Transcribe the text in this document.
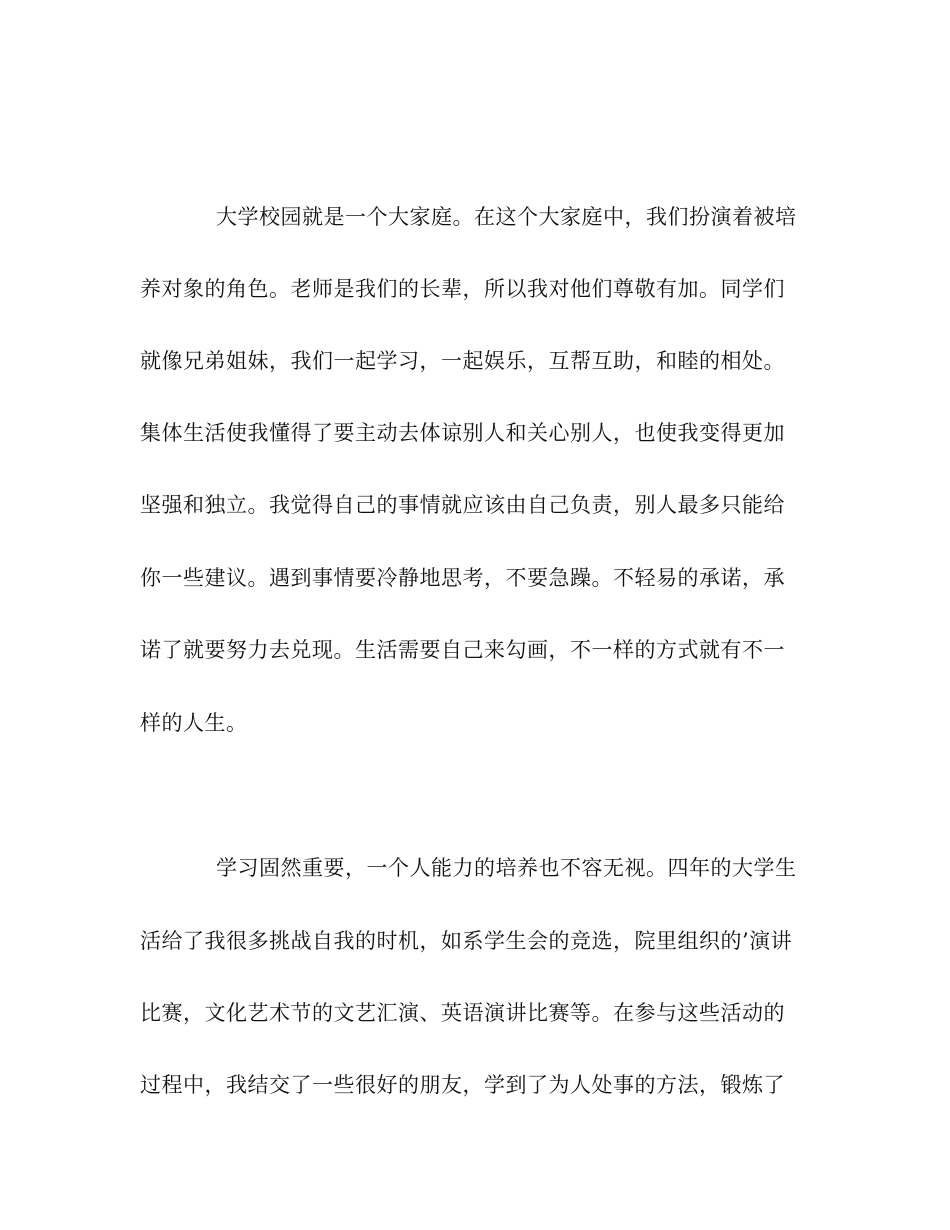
大学校园就是一个大家庭。在这个大家庭中，我们扮演着被培
养对象的角色。老师是我们的长辈，所以我对他们尊敬有加。同学们
就像兄弟姐妹，我们一起学习，一起娱乐，互帮互助，和睦的相处。
集体生活使我懂得了要主动去体谅别人和关心别人，也使我变得更加
坚强和独立。我觉得自己的事情就应该由自己负责，别人最多只能给
你一些建议。遇到事情要冷静地思考，不要急躁。不轻易的承诺，承
诺了就要努力去兑现。生活需要自己来勾画，不一样的方式就有不一
样的人生。
学习固然重要，一个人能力的培养也不容无视。四年的大学生
活给了我很多挑战自我的时机，如系学生会的竞选，院里组织的’演讲
比赛，文化艺术节的文艺汇演、英语演讲比赛等。在参与这些活动的
过程中，我结交了一些很好的朋友，学到了为人处事的方法，锻炼了
